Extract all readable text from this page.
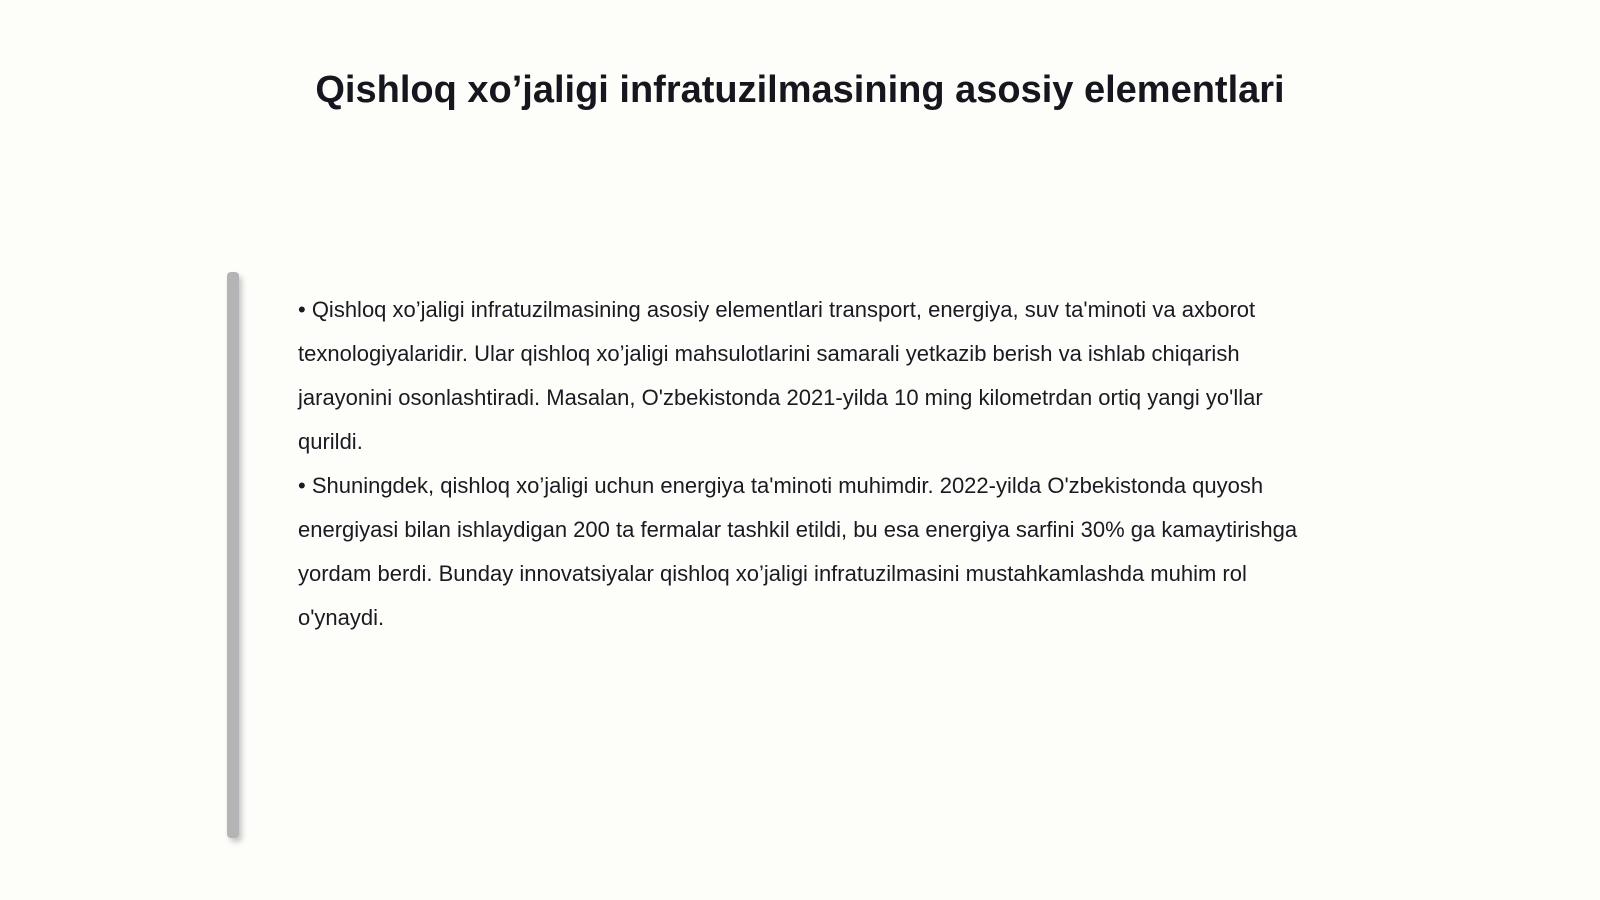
Qishloq xo’jaligi infratuzilmasining asosiy elementlari

• Qishloq xo’jaligi infratuzilmasining asosiy elementlari transport, energiya, suv ta'minoti va axborot texnologiyalaridir. Ular qishloq xo’jaligi mahsulotlarini samarali yetkazib berish va ishlab chiqarish jarayonini osonlashtiradi. Masalan, O'zbekistonda 2021-yilda 10 ming kilometrdan ortiq yangi yo'llar qurildi.

• Shuningdek, qishloq xo’jaligi uchun energiya ta'minoti muhimdir. 2022-yilda O'zbekistonda quyosh energiyasi bilan ishlaydigan 200 ta fermalar tashkil etildi, bu esa energiya sarfini 30% ga kamaytirishga yordam berdi. Bunday innovatsiyalar qishloq xo’jaligi infratuzilmasini mustahkamlashda muhim rol o'ynaydi.
